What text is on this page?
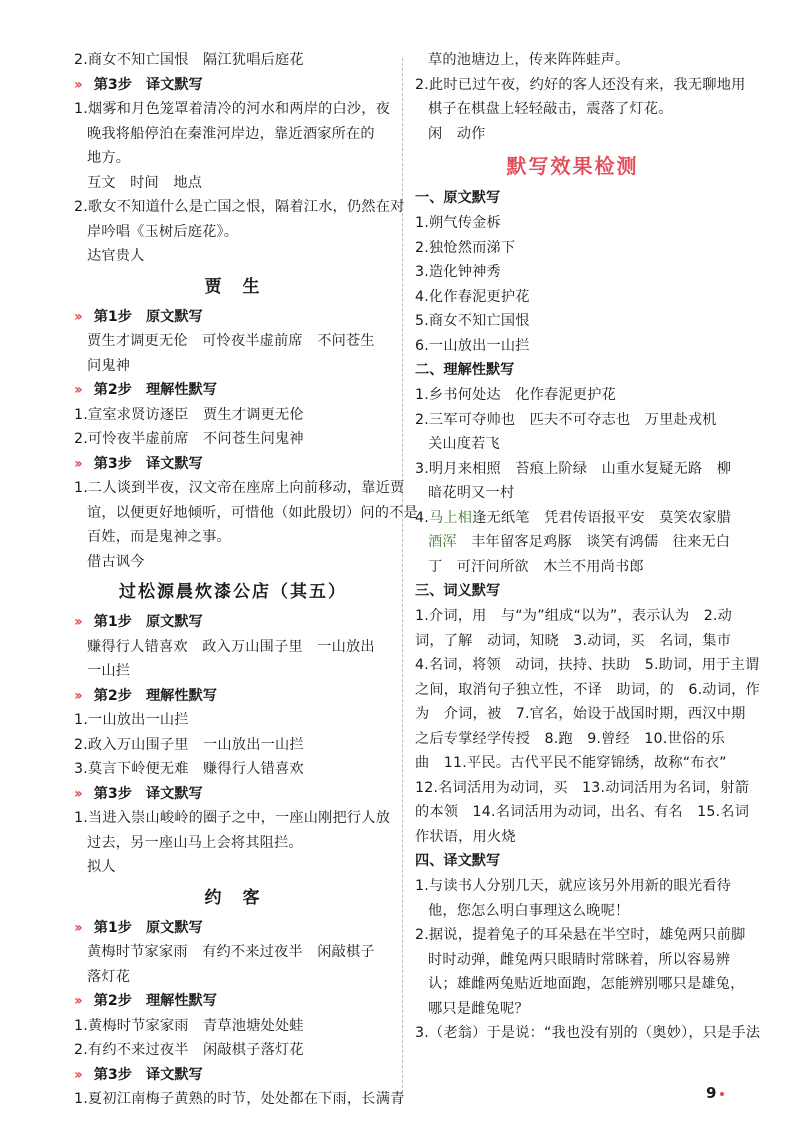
2.商女不知亡国恨　隔江犹唱后庭花
›› 第3步 译文默写
1.烟雾和月色笼罩着清冷的河水和两岸的白沙，夜
晚我将船停泊在秦淮河岸边，靠近酒家所在的
地方。
互文　时间　地点
2.歌女不知道什么是亡国之恨，隔着江水，仍然在对
岸吟唱《玉树后庭花》。
达官贵人
贾　生
›› 第1步 原文默写
贾生才调更无伦　可怜夜半虚前席　不问苍生
问鬼神
›› 第2步 理解性默写
1.宣室求贤访逐臣　贾生才调更无伦
2.可怜夜半虚前席　不问苍生问鬼神
›› 第3步 译文默写
1.二人谈到半夜，汉文帝在座席上向前移动，靠近贾
谊，以便更好地倾听，可惜他（如此殷切）问的不是
百姓，而是鬼神之事。
借古讽今
过松源晨炊漆公店（其五）
›› 第1步 原文默写
赚得行人错喜欢　政入万山围子里　一山放出
一山拦
›› 第2步 理解性默写
1.一山放出一山拦
2.政入万山围子里　一山放出一山拦
3.莫言下岭便无难　赚得行人错喜欢
›› 第3步 译文默写
1.当进入崇山峻岭的圈子之中，一座山刚把行人放
过去，另一座山马上会将其阻拦。
拟人
约　客
›› 第1步 原文默写
黄梅时节家家雨　有约不来过夜半　闲敲棋子
落灯花
›› 第2步 理解性默写
1.黄梅时节家家雨　青草池塘处处蛙
2.有约不来过夜半　闲敲棋子落灯花
›› 第3步 译文默写
1.夏初江南梅子黄熟的时节，处处都在下雨，长满青
草的池塘边上，传来阵阵蛙声。
2.此时已过午夜，约好的客人还没有来，我无聊地用
棋子在棋盘上轻轻敲击，震落了灯花。
闲　动作
默写效果检测
一、原文默写
1.朔气传金柝
2.独怆然而涕下
3.造化钟神秀
4.化作春泥更护花
5.商女不知亡国恨
6.一山放出一山拦
二、理解性默写
1.乡书何处达　化作春泥更护花
2.三军可夺帅也　匹夫不可夺志也　万里赴戎机
关山度若飞
3.明月来相照　苔痕上阶绿　山重水复疑无路　柳
暗花明又一村
4.马上相逢无纸笔　凭君传语报平安　莫笑农家腊
酒浑　丰年留客足鸡豚　谈笑有鸿儒　往来无白
丁　可汗问所欲　木兰不用尚书郎
三、词义默写
1.介词，用　与“为”组成“以为”，表示认为　2.动
词，了解　动词，知晓　3.动词，买　名词，集市
4.名词，将领　动词，扶持、扶助　5.助词，用于主谓
之间，取消句子独立性，不译　助词，的　6.动词，作
为　介词，被　7.官名，始设于战国时期，西汉中期
之后专掌经学传授　8.跑　9.曾经　10.世俗的乐
曲　11.平民。古代平民不能穿锦绣，故称“布衣”
12.名词活用为动词，买　13.动词活用为名词，射箭
的本领　14.名词活用为动词，出名、有名　15.名词
作状语，用火烧
四、译文默写
1.与读书人分别几天，就应该另外用新的眼光看待
他，您怎么明白事理这么晚呢！
2.据说，提着兔子的耳朵悬在半空时，雄兔两只前脚
时时动弹，雌兔两只眼睛时常眯着，所以容易辨
认；雄雌两兔贴近地面跑，怎能辨别哪只是雄兔，
哪只是雌兔呢？
3.（老翁）于是说：“我也没有别的（奥妙），只是手法
9
